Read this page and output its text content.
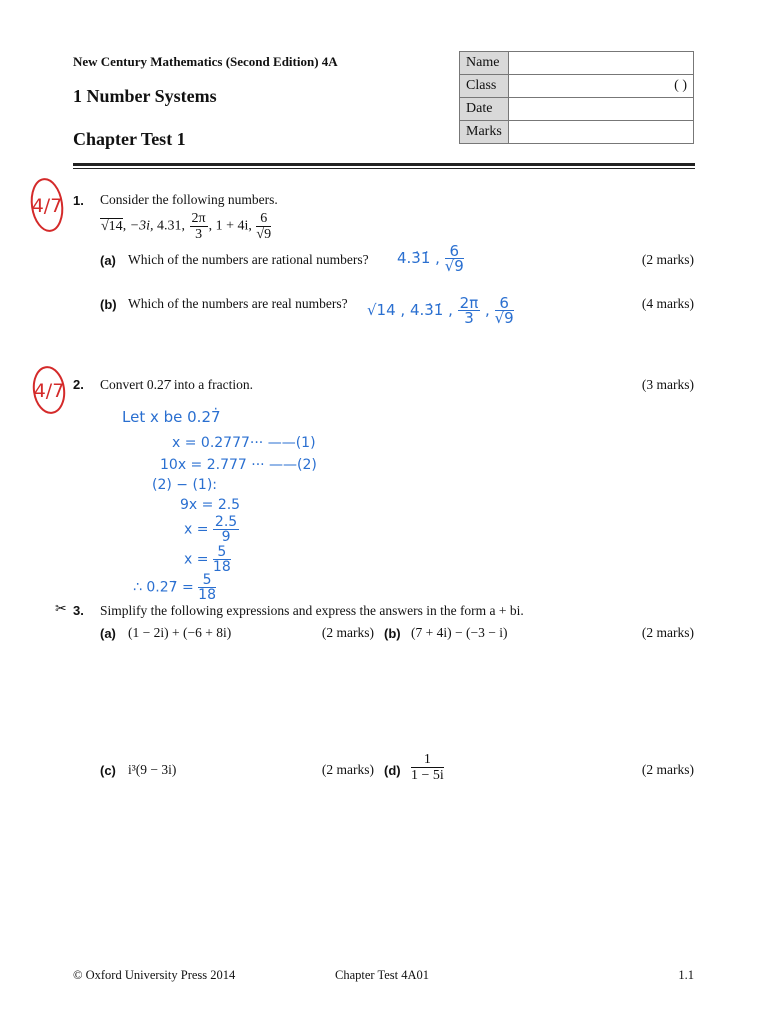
New Century Mathematics (Second Edition) 4A
1 Number Systems
Chapter Test 1
Name	
Class	( )
Date	
Marks	
4/7 1. Consider the following numbers.
√14, −3i, 4.31, $\frac{2\pi}{3}$ , 1 + 4i, $\frac{6}{√9}$
(a) Which of the numbers are rational numbers?	(2 marks)
4.3̇1̇ , $\frac{6}{√9}$
(b) Which of the numbers are real numbers?	(4 marks)
√14 , 4.3̇1̇ , $\frac{2\pi}{3}$ , $\frac{6}{√9}$
4/7 2. Convert 0.27̇ into a fraction.	(3 marks)
Let x be 0.27̇
x = 0.2777··· ——(1)
10x = 2.777 ··· ——(2)
(2) − (1):
9x = 2.5
$x = \frac{2.5}{9}$
$x = \frac{5}{18}$
∴ 0.27̇ = $\frac{5}{18}$
✂ 3. Simplify the following expressions and express the answers in the form a + bi.
(a) (1 − 2i) + (−6 + 8i)	(2 marks) (b) (7 + 4i) − (−3 − i)	(2 marks)
(c) i³(9 − 3i)	(2 marks) $(d) \frac{1}{1 - 5i}$	(2 marks)
© Oxford University Press 2014	Chapter Test 4A01	1.1
